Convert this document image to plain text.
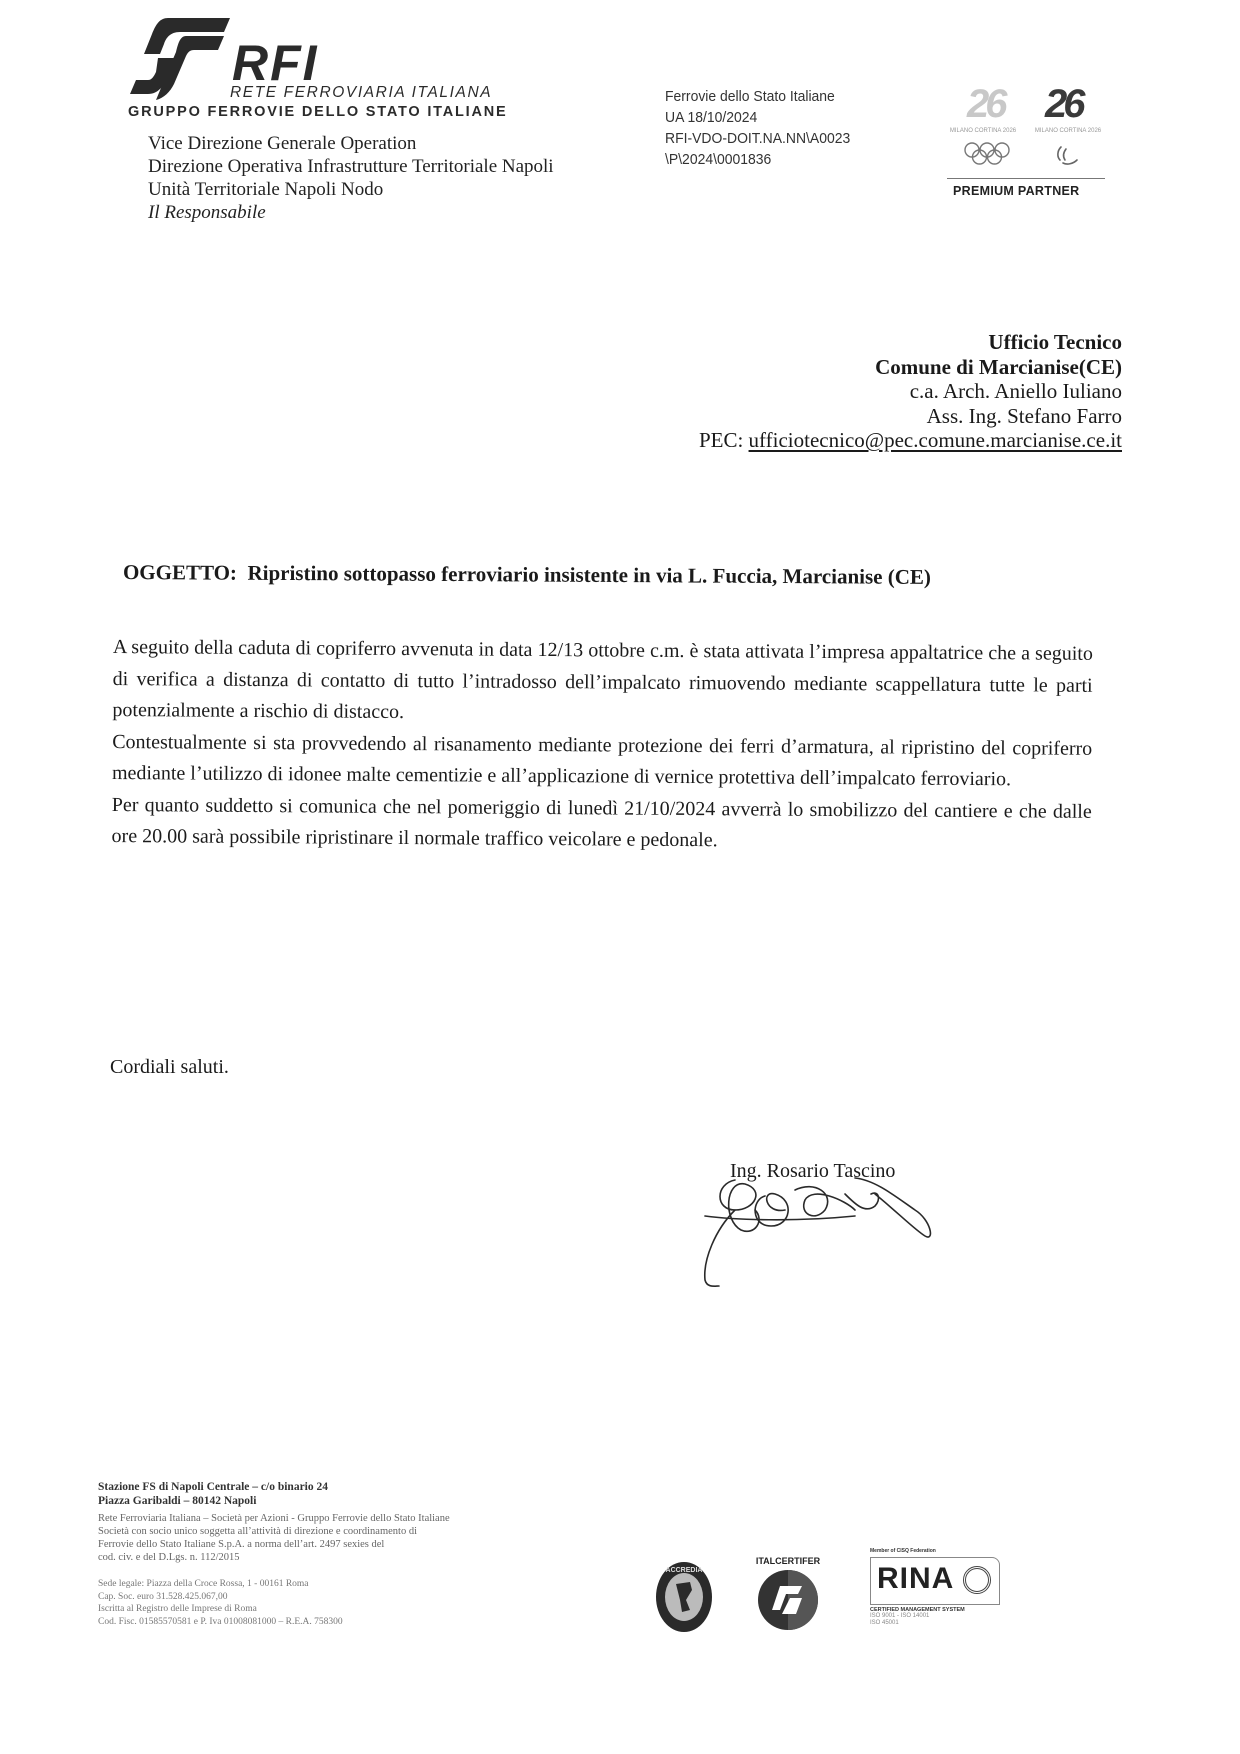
RFI
RETE FERROVIARIA ITALIANA
GRUPPO FERROVIE DELLO STATO ITALIANE
Vice Direzione Generale Operation
Direzione Operativa Infrastrutture Territoriale Napoli
Unità Territoriale Napoli Nodo
Il Responsabile
Ferrovie dello Stato Italiane
UA 18/10/2024
RFI-VDO-DOIT.NA.NN\A0023
\P\2024\0001836
26 26
MILANO CORTINA 2026	MILANO CORTINA 2026
PREMIUM PARTNER
Ufficio Tecnico
Comune di Marcianise(CE)
c.a. Arch. Aniello Iuliano
Ass. Ing. Stefano Farro
PEC: ufficiotecnico@pec.comune.marcianise.ce.it
OGGETTO: Ripristino sottopasso ferroviario insistente in via L. Fuccia, Marcianise (CE)

A seguito della caduta di copriferro avvenuta in data 12/13 ottobre c.m. è stata attivata l’impresa appaltatrice che a seguito di verifica a distanza di contatto di tutto l’intradosso dell’impalcato rimuovendo mediante scappellatura tutte le parti potenzialmente a rischio di distacco.

Contestualmente si sta provvedendo al risanamento mediante protezione dei ferri d’armatura, al ripristino del copriferro mediante l’utilizzo di idonee malte cementizie e all’applicazione di vernice protettiva dell’impalcato ferroviario.

Per quanto suddetto si comunica che nel pomeriggio di lunedì 21/10/2024 avverrà lo smobilizzo del cantiere e che dalle ore 20.00 sarà possibile ripristinare il normale traffico veicolare e pedonale.

Cordiali saluti.
Ing. Rosario Tascino
Stazione FS di Napoli Centrale – c/o binario 24
Piazza Garibaldi – 80142 Napoli
Rete Ferroviaria Italiana – Società per Azioni - Gruppo Ferrovie dello Stato Italiane
Società con socio unico soggetta all’attività di direzione e coordinamento di
Ferrovie dello Stato Italiane S.p.A. a norma dell’art. 2497 sexies del
cod. civ. e del D.Lgs. n. 112/2015
Sede legale: Piazza della Croce Rossa, 1 - 00161 Roma
Cap. Soc. euro 31.528.425.067,00
Iscritta al Registro delle Imprese di Roma
Cod. Fisc. 01585570581 e P. Iva 01008081000 – R.E.A. 758300
ACCREDIA
ITALCERTIFER
Member of CISQ Federation
RINA
CERTIFIED MANAGEMENT SYSTEM
ISO 9001 - ISO 14001
ISO 45001
